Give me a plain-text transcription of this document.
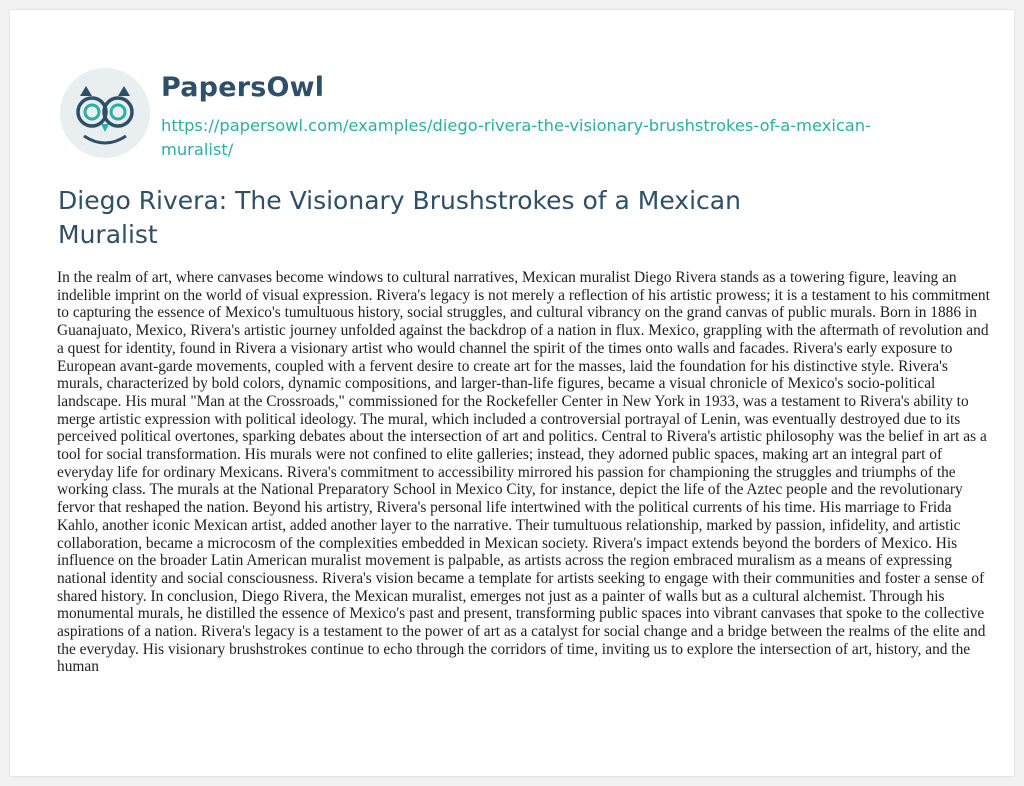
PapersOwl
https://papersowl.com/examples/diego-rivera-the-visionary-brushstrokes-of-a-mexican-muralist/
Diego Rivera: The Visionary Brushstrokes of a Mexican Muralist

In the realm of art, where canvases become windows to cultural narratives, Mexican muralist Diego Rivera stands as a towering figure, leaving an indelible imprint on the world of visual expression. Rivera's legacy is not merely a reflection of his artistic prowess; it is a testament to his commitment to capturing the essence of Mexico's tumultuous history, social struggles, and cultural vibrancy on the grand canvas of public murals. Born in 1886 in Guanajuato, Mexico, Rivera's artistic journey unfolded against the backdrop of a nation in flux. Mexico, grappling with the aftermath of revolution and a quest for identity, found in Rivera a visionary artist who would channel the spirit of the times onto walls and facades. Rivera's early exposure to European avant-garde movements, coupled with a fervent desire to create art for the masses, laid the foundation for his distinctive style. Rivera's murals, characterized by bold colors, dynamic compositions, and larger-than-life figures, became a visual chronicle of Mexico's socio-political landscape. His mural "Man at the Crossroads," commissioned for the Rockefeller Center in New York in 1933, was a testament to Rivera's ability to merge artistic expression with political ideology. The mural, which included a controversial portrayal of Lenin, was eventually destroyed due to its perceived political overtones, sparking debates about the intersection of art and politics. Central to Rivera's artistic philosophy was the belief in art as a tool for social transformation. His murals were not confined to elite galleries; instead, they adorned public spaces, making art an integral part of everyday life for ordinary Mexicans. Rivera's commitment to accessibility mirrored his passion for championing the struggles and triumphs of the working class. The murals at the National Preparatory School in Mexico City, for instance, depict the life of the Aztec people and the revolutionary fervor that reshaped the nation. Beyond his artistry, Rivera's personal life intertwined with the political currents of his time. His marriage to Frida Kahlo, another iconic Mexican artist, added another layer to the narrative. Their tumultuous relationship, marked by passion, infidelity, and artistic collaboration, became a microcosm of the complexities embedded in Mexican society. Rivera's impact extends beyond the borders of Mexico. His influence on the broader Latin American muralist movement is palpable, as artists across the region embraced muralism as a means of expressing national identity and social consciousness. Rivera's vision became a template for artists seeking to engage with their communities and foster a sense of shared history. In conclusion, Diego Rivera, the Mexican muralist, emerges not just as a painter of walls but as a cultural alchemist. Through his monumental murals, he distilled the essence of Mexico's past and present, transforming public spaces into vibrant canvases that spoke to the collective aspirations of a nation. Rivera's legacy is a testament to the power of art as a catalyst for social change and a bridge between the realms of the elite and the everyday. His visionary brushstrokes continue to echo through the corridors of time, inviting us to explore the intersection of art, history, and the human
